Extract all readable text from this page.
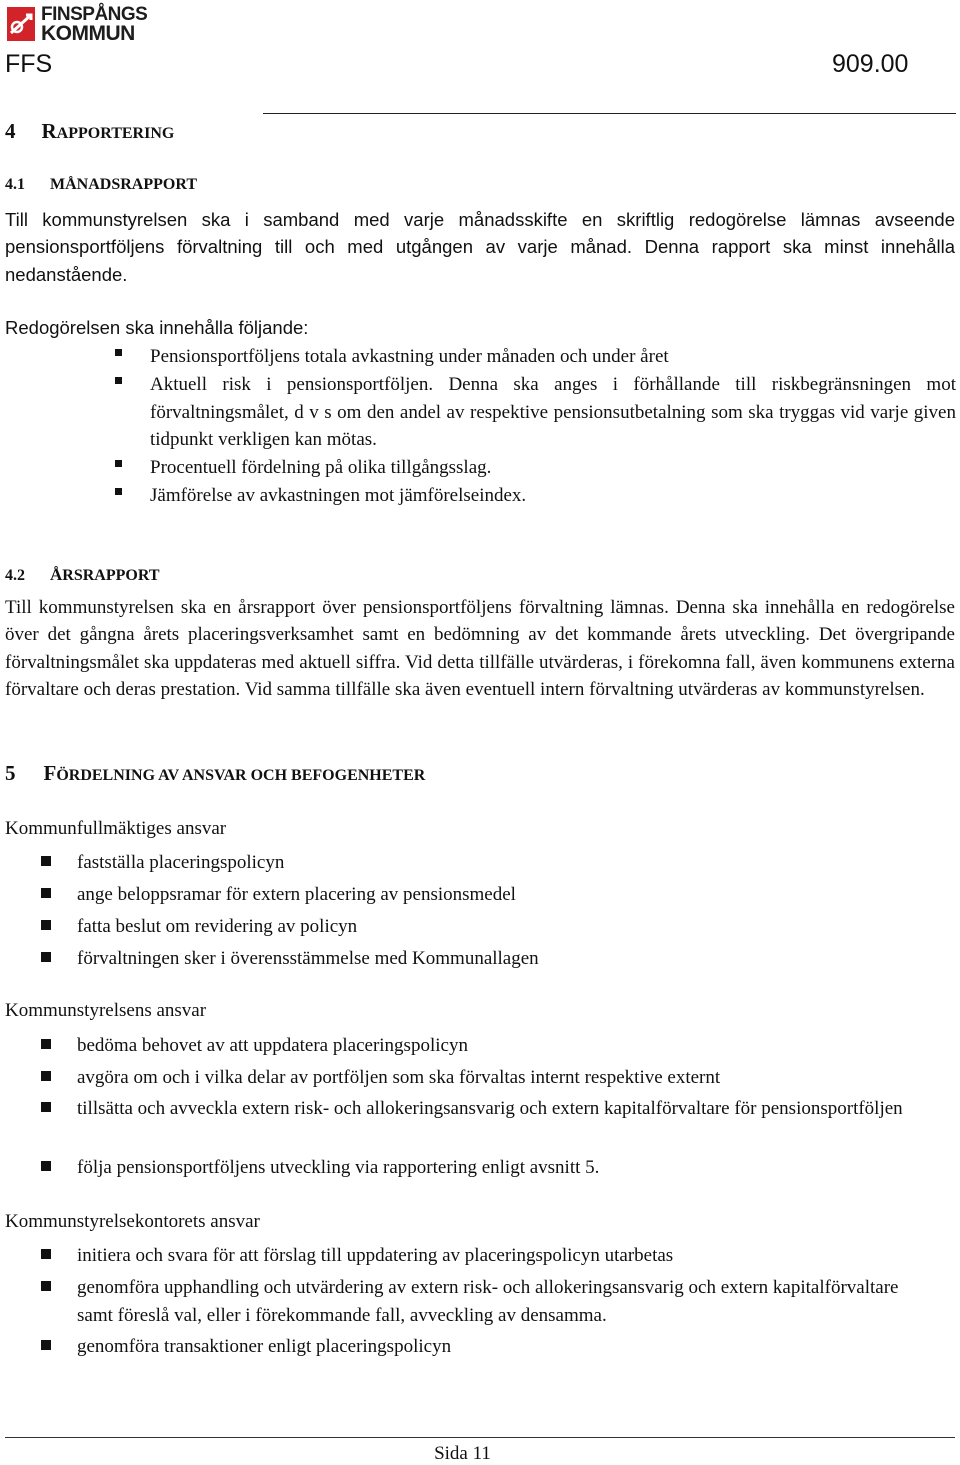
FINSPÅNGS
KOMMUN
FFS	909.00
4 RAPPORTERING
4.1 MÅNADSRAPPORT
Till kommunstyrelsen ska i samband med varje månadsskifte en skriftlig redogörelse lämnas avseende pensionsportföljens förvaltning till och med utgången av varje månad. Denna rapport ska minst innehålla nedanstående.
Redogörelsen ska innehålla följande:
Pensionsportföljens totala avkastning under månaden och under året
Aktuell risk i pensionsportföljen. Denna ska anges i förhållande till riskbegränsningen mot förvaltningsmålet, d v s om den andel av respektive pensionsutbetalning som ska tryggas vid varje given tidpunkt verkligen kan mötas.
Procentuell fördelning på olika tillgångsslag.
Jämförelse av avkastningen mot jämförelseindex.
4.2 ÅRSRAPPORT
Till kommunstyrelsen ska en årsrapport över pensionsportföljens förvaltning lämnas. Denna ska innehålla en redogörelse över det gångna årets placeringsverksamhet samt en bedömning av det kommande årets utveckling. Det övergripande förvaltningsmålet ska uppdateras med aktuell siffra. Vid detta tillfälle utvärderas, i förekomna fall, även kommunens externa förvaltare och deras prestation. Vid samma tillfälle ska även eventuell intern förvaltning utvärderas av kommunstyrelsen.
5 FÖRDELNING AV ANSVAR OCH BEFOGENHETER
Kommunfullmäktiges ansvar
fastställa placeringspolicyn
ange beloppsramar för extern placering av pensionsmedel
fatta beslut om revidering av policyn
förvaltningen sker i överensstämmelse med Kommunallagen
Kommunstyrelsens ansvar
bedöma behovet av att uppdatera placeringspolicyn
avgöra om och i vilka delar av portföljen som ska förvaltas internt respektive externt
tillsätta och avveckla extern risk- och allokeringsansvarig och extern kapitalförvaltare för pensionsportföljen
följa pensionsportföljens utveckling via rapportering enligt avsnitt 5.
Kommunstyrelsekontorets ansvar
initiera och svara för att förslag till uppdatering av placeringspolicyn utarbetas
genomföra upphandling och utvärdering av extern risk- och allokeringsansvarig och extern kapitalförvaltare samt föreslå val, eller i förekommande fall, avveckling av densamma.
genomföra transaktioner enligt placeringspolicyn
Sida 11
